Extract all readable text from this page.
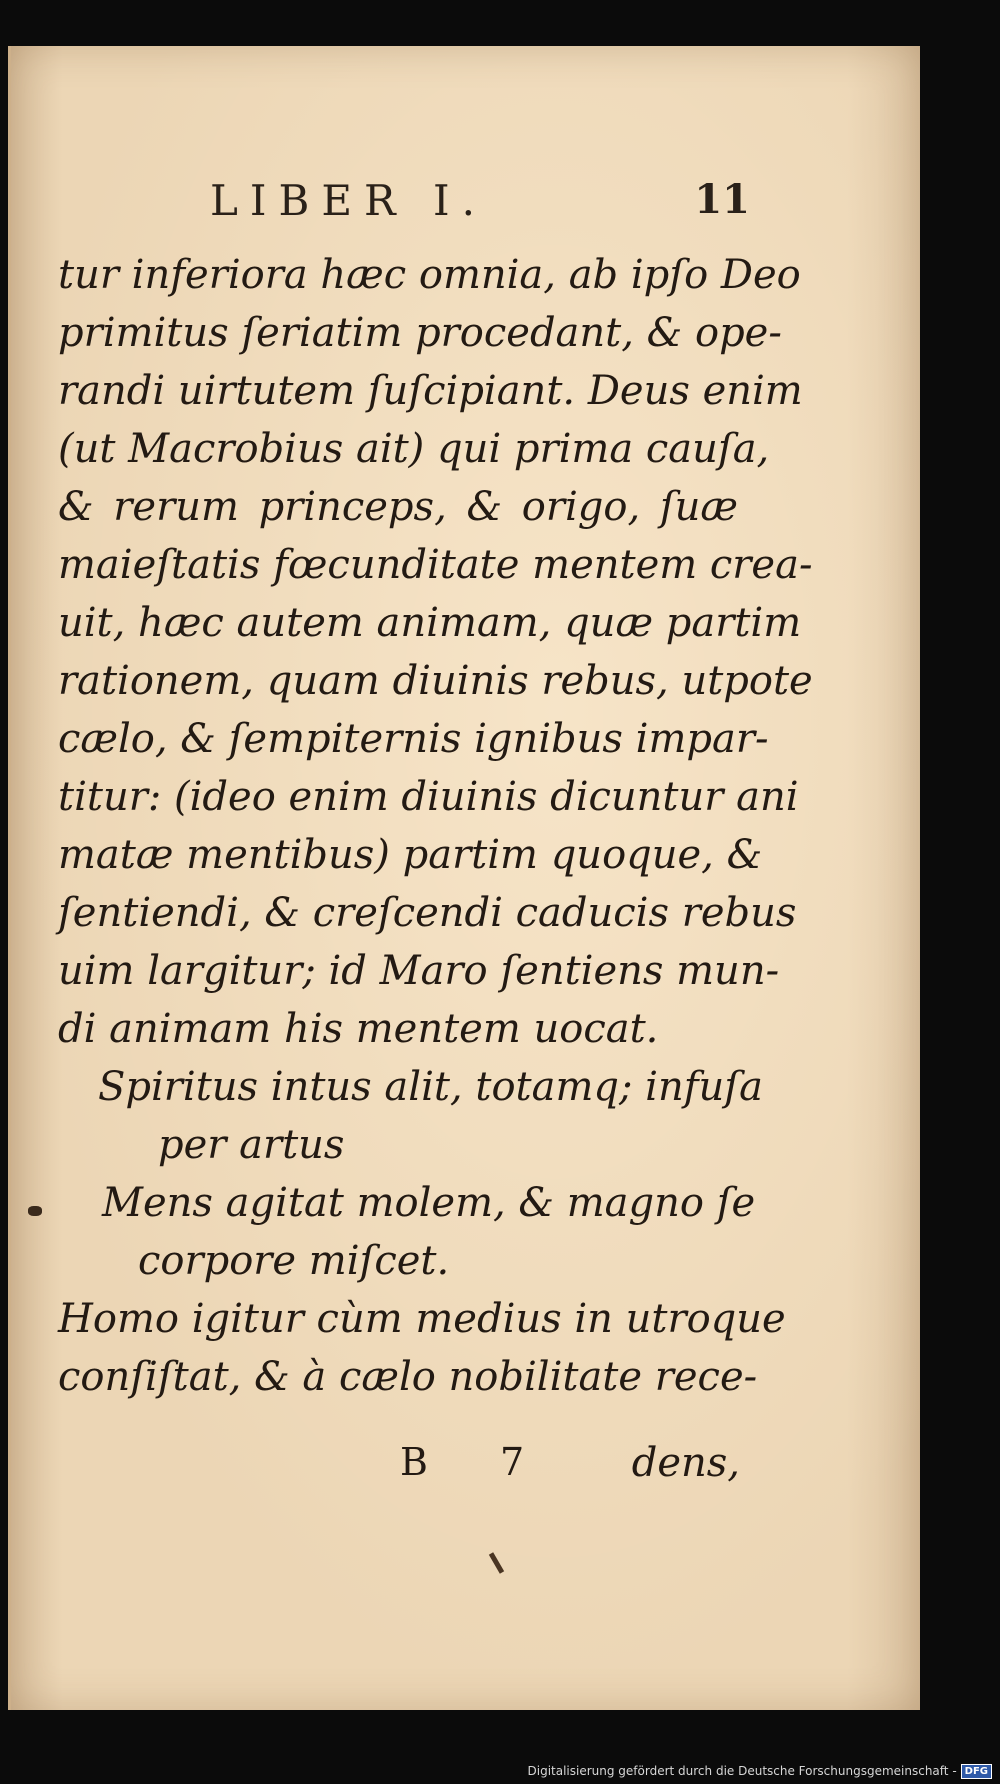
LIBER I.	11
tur inferiora hæc omnia, ab ipſo Deo
primitus ſeriatim procedant, & ope-
randi uirtutem ſuſcipiant. Deus enim
(ut Macrobius ait) qui prima cauſa,
& rerum princeps, & origo, ſuæ
maieſtatis fœcunditate mentem crea-
uit, hæc autem animam, quæ partim
rationem, quam diuinis rebus, utpote
cælo, & ſempiternis ignibus impar-
titur: (ideo enim diuinis dicuntur ani
matæ mentibus) partim quoque, &
ſentiendi, & creſcendi caducis rebus
uim largitur; id Maro ſentiens mun-
di animam his mentem uocat.
Spiritus intus alit, totamq; infuſa
per artus
Mens agitat molem, & magno ſe
corpore miſcet.
Homo igitur cùm medius in utroque
conſiſtat, & à cælo nobilitate rece-
B 7 dens,
Digitalisierung gefördert durch die Deutsche Forschungsgemeinschaft - DFG
